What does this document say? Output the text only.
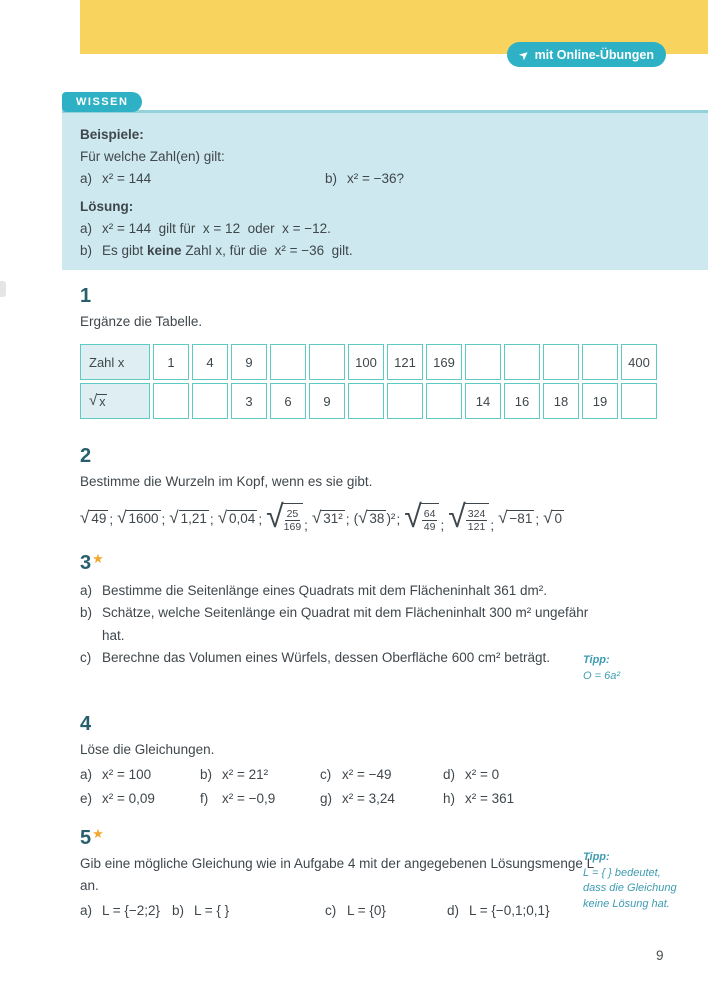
➤ mit Online-Übungen
WISSEN

Beispiele:

Für welche Zahl(en) gilt:

a) x² = 144	b) x² = −36?

Lösung:

a) x² = 144  gilt für  x = 12  oder  x = −12.

b) Es gibt keine Zahl x, für die  x² = −36  gilt.

1

Ergänze die Tabelle.

Zahl x	1	4	9			100	121	169					400

√ x			3	6	9				14	16	18	19	
2

Bestimme die Wurzeln im Kopf, wenn es sie gibt.

√ 49 ; √ 1600 ; √ 1,21 ; √ 0,04 ; √ $\frac{25}{169}$ ; √ 31² ; ( √ 38 )² ; √ $\frac{64}{49}$ ; √ $\frac{324}{121}$ ; √ −81 ; √ 0
3★
a) Bestimme die Seitenlänge eines Quadrats mit dem Flächeninhalt 361 dm².
b) Schätze, welche Seitenlänge ein Quadrat mit dem Flächeninhalt 300 m² ungefähr hat.
c) Berechne das Volumen eines Würfels, dessen Oberfläche 600 cm² beträgt.	Tipp:

O = 6a²

4

Löse die Gleichungen.

a) x² = 100	b) x² = 21²	c) x² = −49	d) x² = 0

e) x² = 0,09	f) x² = −0,9	g) x² = 3,24	h) x² = 361

5★

Gib eine mögliche Gleichung wie in Aufgabe 4 mit der angegebenen Lösungsmenge L an.

a) L = {−2;2} b) L = { }	c) L = {0}	d) L = {−0,1;0,1}

Tipp:

L = { } bedeutet,

dass die Gleichung

keine Lösung hat.

9
